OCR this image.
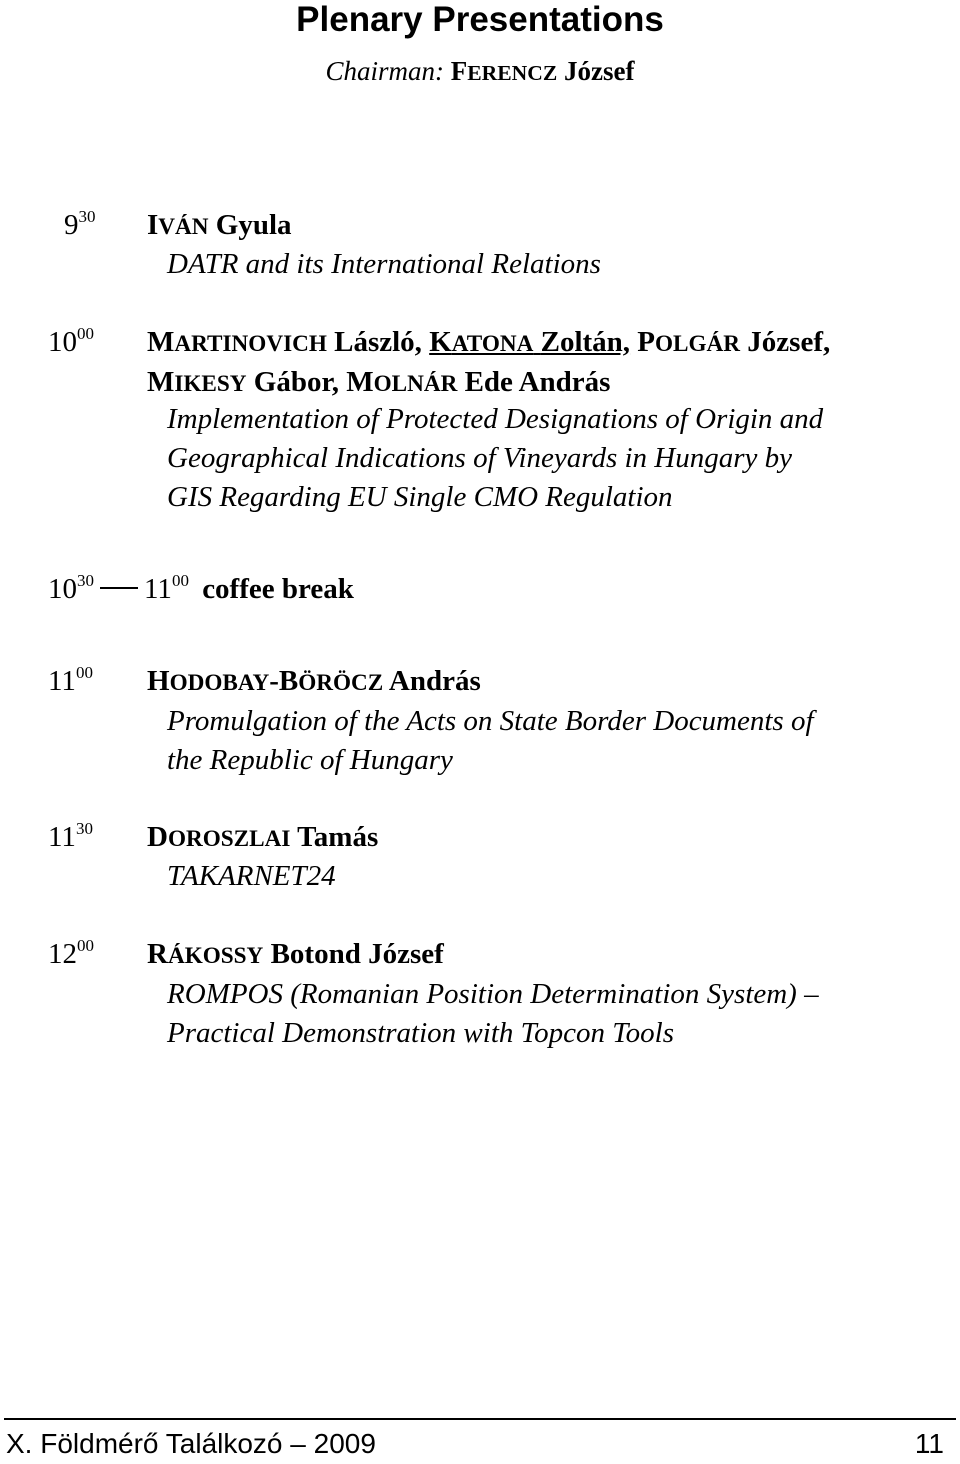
Plenary Presentations
Chairman: FERENCZ József
$9^{30}$ IVÁN Gyula
DATR and its International Relations
$10^{00}$ MARTINOVICH László, KATONA Zoltán, POLGÁR József,
MIKESY Gábor, MOLNÁR Ede András
Implementation of Protected Designations of Origin and
Geographical Indications of Vineyards in Hungary by
GIS Regarding EU Single CMO Regulation
$10^{30}$ $11^{00}$ coffee break
$11^{00}$ HODOBAY-BÖRÖCZ András
Promulgation of the Acts on State Border Documents of
the Republic of Hungary
$11^{30}$ DOROSZLAI Tamás
TAKARNET24
$12^{00}$ RÁKOSSY Botond József
ROMPOS (Romanian Position Determination System) –
Practical Demonstration with Topcon Tools
X. Földmérő Találkozó – 2009	11
